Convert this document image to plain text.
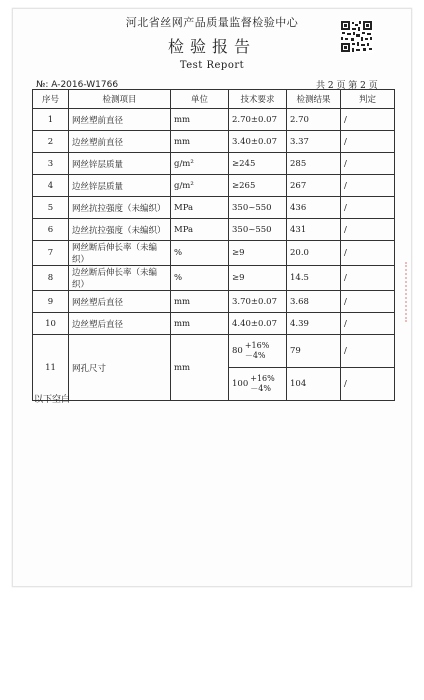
河北省丝网产品质量监督检验中心
检验报告
Test Report
№: A-2016-W1766	共 2 页 第 2 页
序号	检测项目	单位	技术要求	检测结果	判定
1	网丝塑前直径	mm	2.70±0.07	2.70	/
2	边丝塑前直径	mm	3.40±0.07	3.37	/
3	网丝锌层质量	g/m²	≥245	285	/
4	边丝锌层质量	g/m²	≥265	267	/
5	网丝抗拉强度（未编织）	MPa	350~550	436	/
6	边丝抗拉强度（未编织）	MPa	350~550	431	/
7	网丝断后伸长率（未编织）	%	≥9	20.0	/
8	边丝断后伸长率（未编织）	%	≥9	14.5	/
9	网丝塑后直径	mm	3.70±0.07	3.68	/
10	边丝塑后直径	mm	4.40±0.07	4.39	/
11	网孔尺寸	mm	80
+16%
－4%	79	/

			100
+16%
－4%	104	/
以下空白
